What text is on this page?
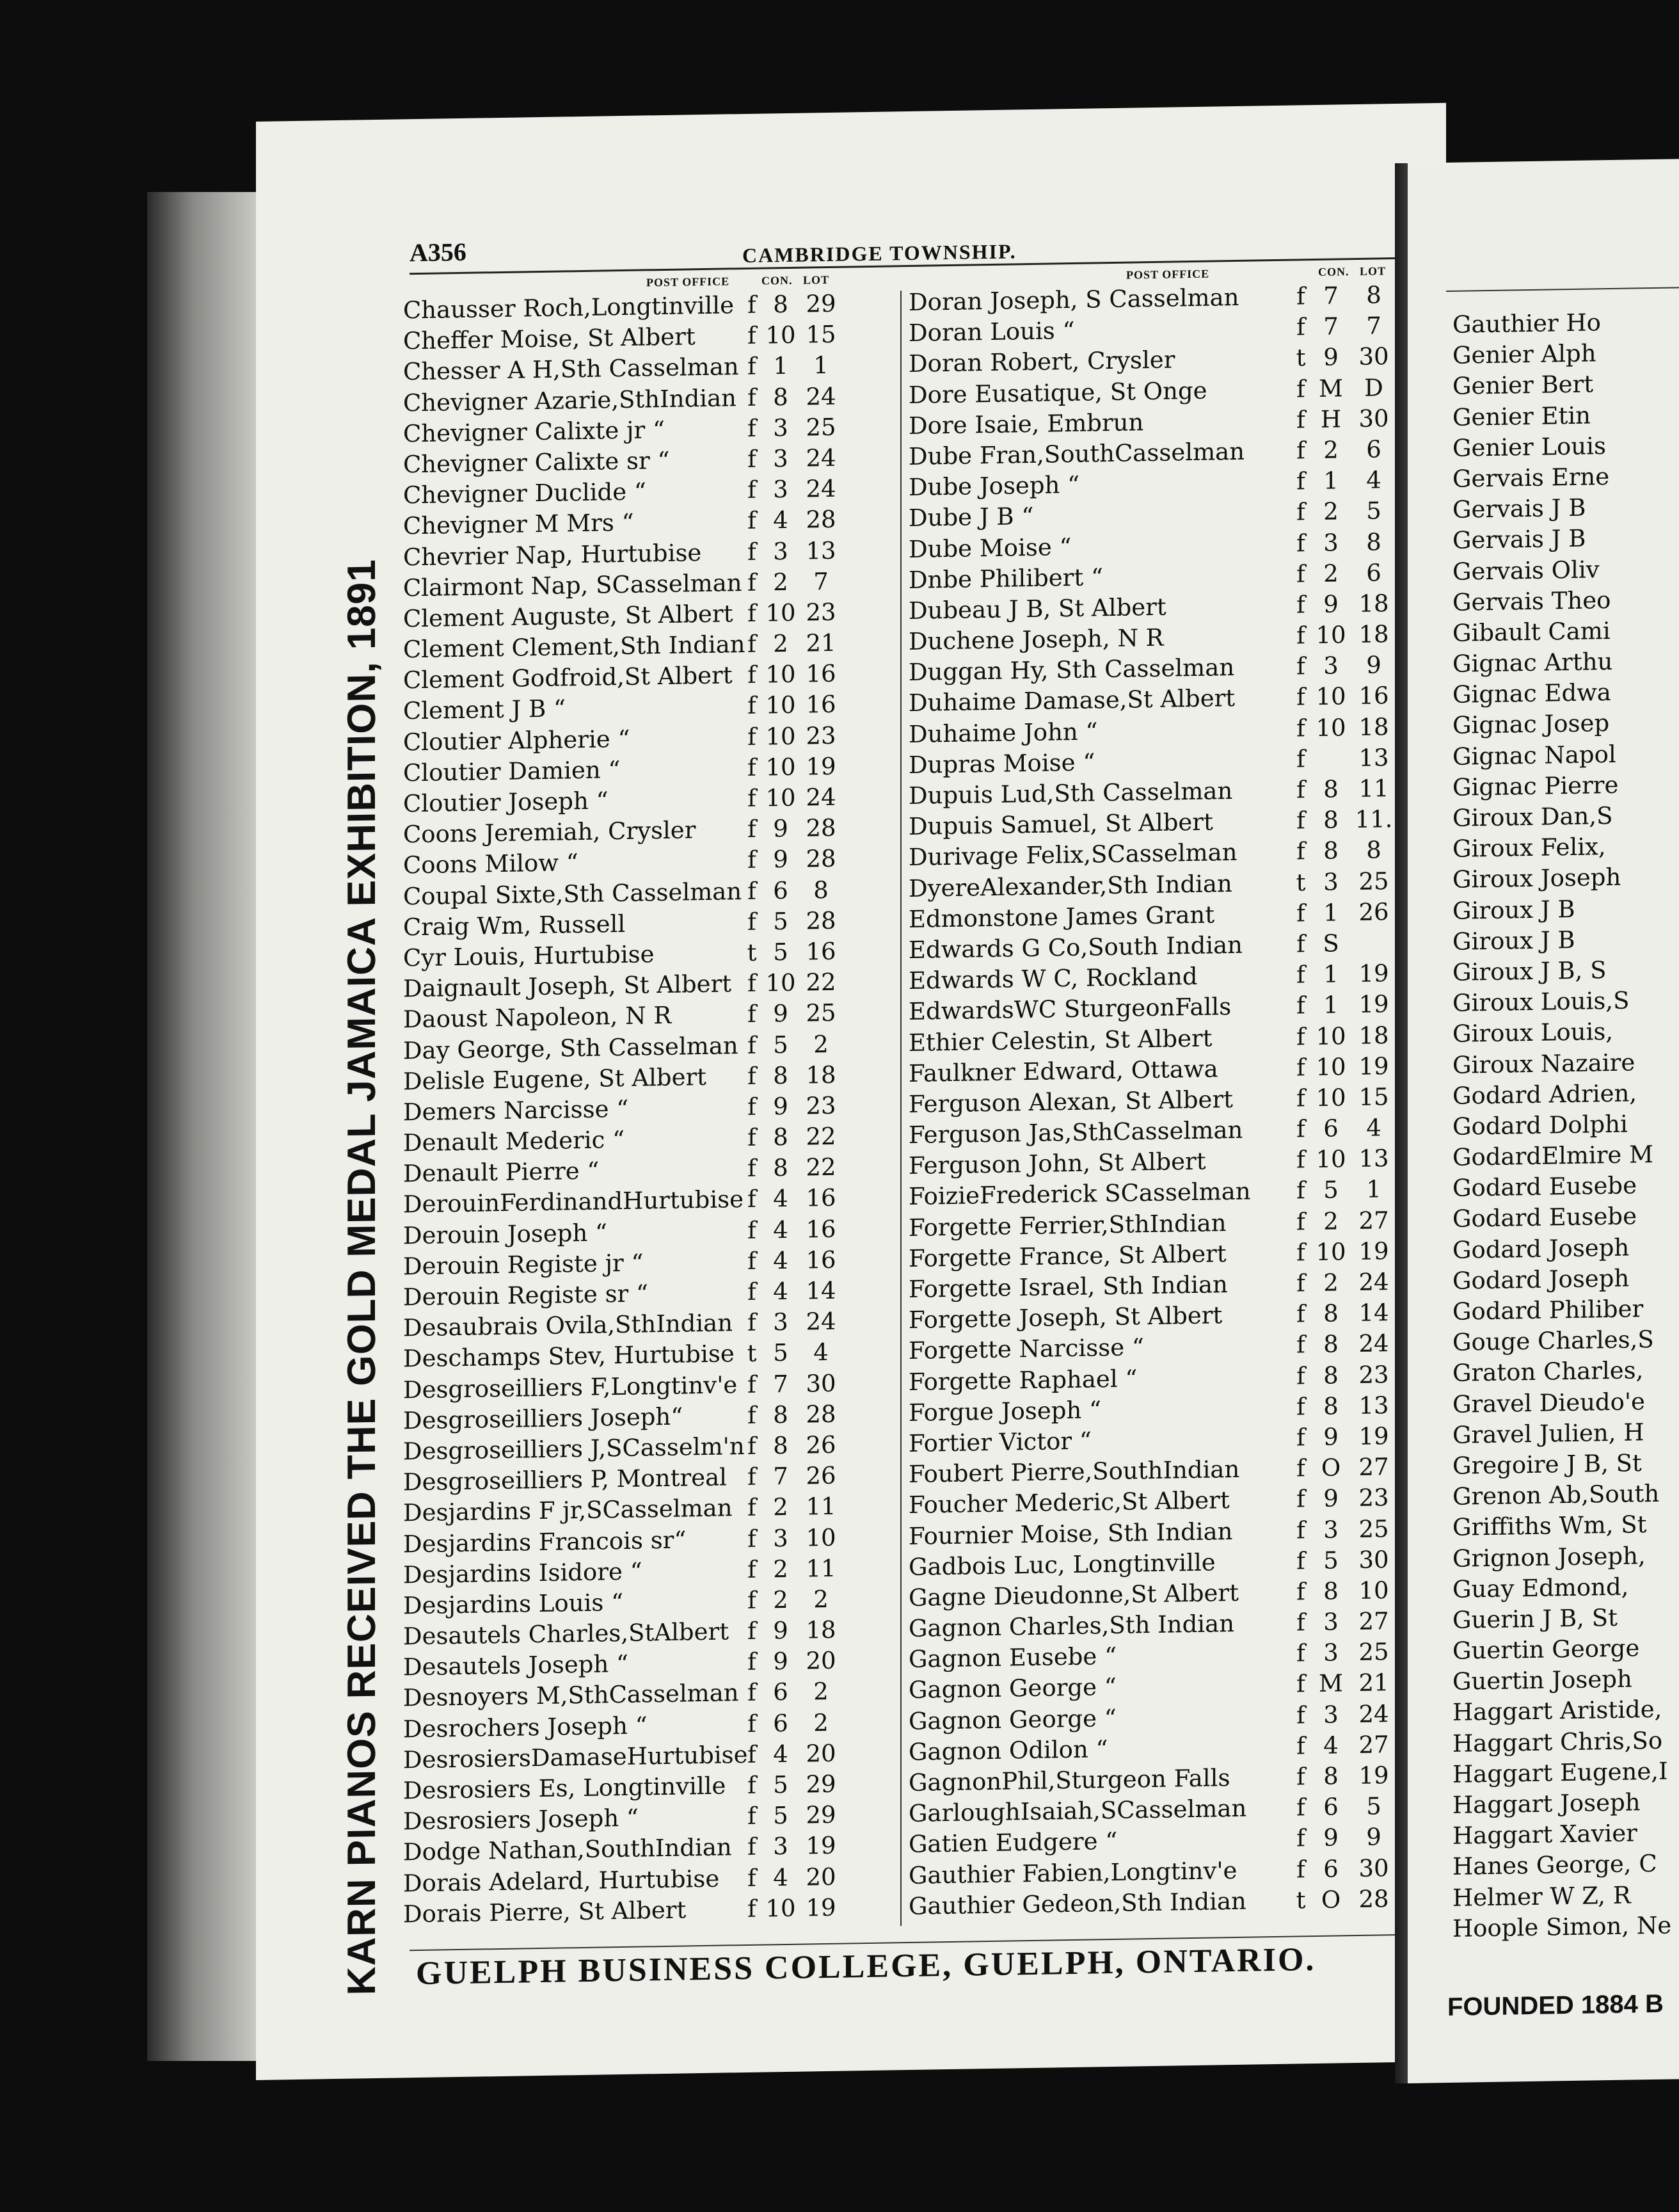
A356	CAMBRIDGE TOWNSHIP.
KARN PIANOS RECEIVED THE GOLD MEDAL JAMAICA EXHIBITION, 1891
POST OFFICE	CON. LOT
Chausser Roch,Longtinville f 8 29
Cheffer Moise, St Albert f 10 15
Chesser A H,Sth Casselman f 1	1
Chevigner Azarie,SthIndian f 8 24
Chevigner Calixte jr “	f 3 25
Chevigner Calixte sr “	f 3 24
Chevigner Duclide “	f 3 24
Chevigner M Mrs “	f 4 28
Chevrier Nap, Hurtubise f 3 13
Clairmont Nap, SCasselman f 2	7
Clement Auguste, St Albert f 10 23
Clement Clement,Sth Indian f 2 21
Clement Godfroid,St Albert f 10 16
Clement J B “	f 10 16
Cloutier Alpherie “	f 10 23
Cloutier Damien “	f 10 19
Cloutier Joseph “	f 10 24
Coons Jeremiah, Crysler f 9 28
Coons Milow “	f 9 28
Coupal Sixte,Sth Casselman f 6	8
Craig Wm, Russell	f 5 28
Cyr Louis, Hurtubise	t 5 16
Daignault Joseph, St Albert f 10 22
Daoust Napoleon, N R	f 9 25
Day George, Sth Casselman f 5	2
Delisle Eugene, St Albert f 8 18
Demers Narcisse “	f 9 23
Denault Mederic “	f 8 22
Denault Pierre “	f 8 22
DerouinFerdinandHurtubise f 4 16
Derouin Joseph “	f 4 16
Derouin Registe jr “	f 4 16
Derouin Registe sr “	f 4 14
Desaubrais Ovila,SthIndian f 3 24
Deschamps Stev, Hurtubise t 5	4
Desgroseilliers F,Longtinv'e f 7 30
Desgroseilliers Joseph“	f 8 28
Desgroseilliers J,SCasselm'n f 8 26
Desgroseilliers P, Montreal f 7 26
Desjardins F jr,SCasselman f 2 11
Desjardins Francois sr“	f 3 10
Desjardins Isidore “	f 2 11
Desjardins Louis “	f 2	2
Desautels Charles,StAlbert f 9 18
Desautels Joseph “	f 9 20
Desnoyers M,SthCasselman f 6	2
Desrochers Joseph “	f 6	2
DesrosiersDamaseHurtubise f 4 20
Desrosiers Es, Longtinville f 5 29
Desrosiers Joseph “	f 5 29
Dodge Nathan,SouthIndian f 3 19
Dorais Adelard, Hurtubise f 4 20
Dorais Pierre, St Albert	f 10 19
POST OFFICE	CON. LOT
Doran Joseph, S Casselman f 7	8
Doran Louis “	f 7	7
Doran Robert, Crysler	t 9 30
Dore Eusatique, St Onge	f M D
Dore Isaie, Embrun	f H 30
Dube Fran,SouthCasselman f 2	6
Dube Joseph “	f 1	4
Dube J B “	f 2	5
Dube Moise “	f 3	8
Dnbe Philibert “	f 2	6
Dubeau J B, St Albert	f 9 18
Duchene Joseph, N R	f 10 18
Duggan Hy, Sth Casselman	f 3	9
Duhaime Damase,St Albert	f 10 16
Duhaime John “	f 10 18
Dupras Moise “	f	13
Dupuis Lud,Sth Casselman	f 8 11
Dupuis Samuel, St Albert	f 8 11.
Durivage Felix,SCasselman	f 8	8
DyereAlexander,Sth Indian	t 3 25
Edmonstone James Grant	f 1 26
Edwards G Co,South Indian f S
Edwards W C, Rockland	f 1 19
EdwardsWC SturgeonFalls	f 1 19
Ethier Celestin, St Albert	f 10 18
Faulkner Edward, Ottawa	f 10 19
Ferguson Alexan, St Albert	f 10 15
Ferguson Jas,SthCasselman f 6	4
Ferguson John, St Albert	f 10 13
FoizieFrederick SCasselman f 5	1
Forgette Ferrier,SthIndian	f 2 27
Forgette France, St Albert	f 10 19
Forgette Israel, Sth Indian	f 2 24
Forgette Joseph, St Albert	f 8 14
Forgette Narcisse “	f 8 24
Forgette Raphael “	f 8 23
Forgue Joseph “	f 8 13
Fortier Victor “	f 9 19
Foubert Pierre,SouthIndian f O 27
Foucher Mederic,St Albert	f 9 23
Fournier Moise, Sth Indian	f 3 25
Gadbois Luc, Longtinville	f 5 30
Gagne Dieudonne,St Albert f 8 10
Gagnon Charles,Sth Indian	f 3 27
Gagnon Eusebe “	f 3 25
Gagnon George “	f M 21
Gagnon George “	f 3 24
Gagnon Odilon “	f 4 27
GagnonPhil,Sturgeon Falls	f 8 19
GarloughIsaiah,SCasselman f 6	5
Gatien Eudgere “	f 9	9
Gauthier Fabien,Longtinv'e	f 6 30
Gauthier Gedeon,Sth Indian t O 28
GUELPH BUSINESS COLLEGE, GUELPH, ONTARIO.
Gauthier Ho
Genier Alph
Genier Bert
Genier Etin
Genier Louis
Gervais Erne
Gervais J B
Gervais J B
Gervais Oliv
Gervais Theo
Gibault Cami
Gignac Arthu
Gignac Edwa
Gignac Josep
Gignac Napol
Gignac Pierre
Giroux Dan,S
Giroux Felix,
Giroux Joseph
Giroux J B
Giroux J B
Giroux J B, S
Giroux Louis,S
Giroux Louis,
Giroux Nazaire
Godard Adrien,
Godard Dolphi
GodardElmire M
Godard Eusebe
Godard Eusebe
Godard Joseph
Godard Joseph
Godard Philiber
Gouge Charles,S
Graton Charles,
Gravel Dieudo'e
Gravel Julien, H
Gregoire J B, St
Grenon Ab,South
Griffiths Wm, St
Grignon Joseph,
Guay Edmond,
Guerin J B, St
Guertin George
Guertin Joseph
Haggart Aristide,
Haggart Chris,So
Haggart Eugene,I
Haggart Joseph
Haggart Xavier
Hanes George, C
Helmer W Z, R
Hoople Simon, Ne
FOUNDED 1884 B
